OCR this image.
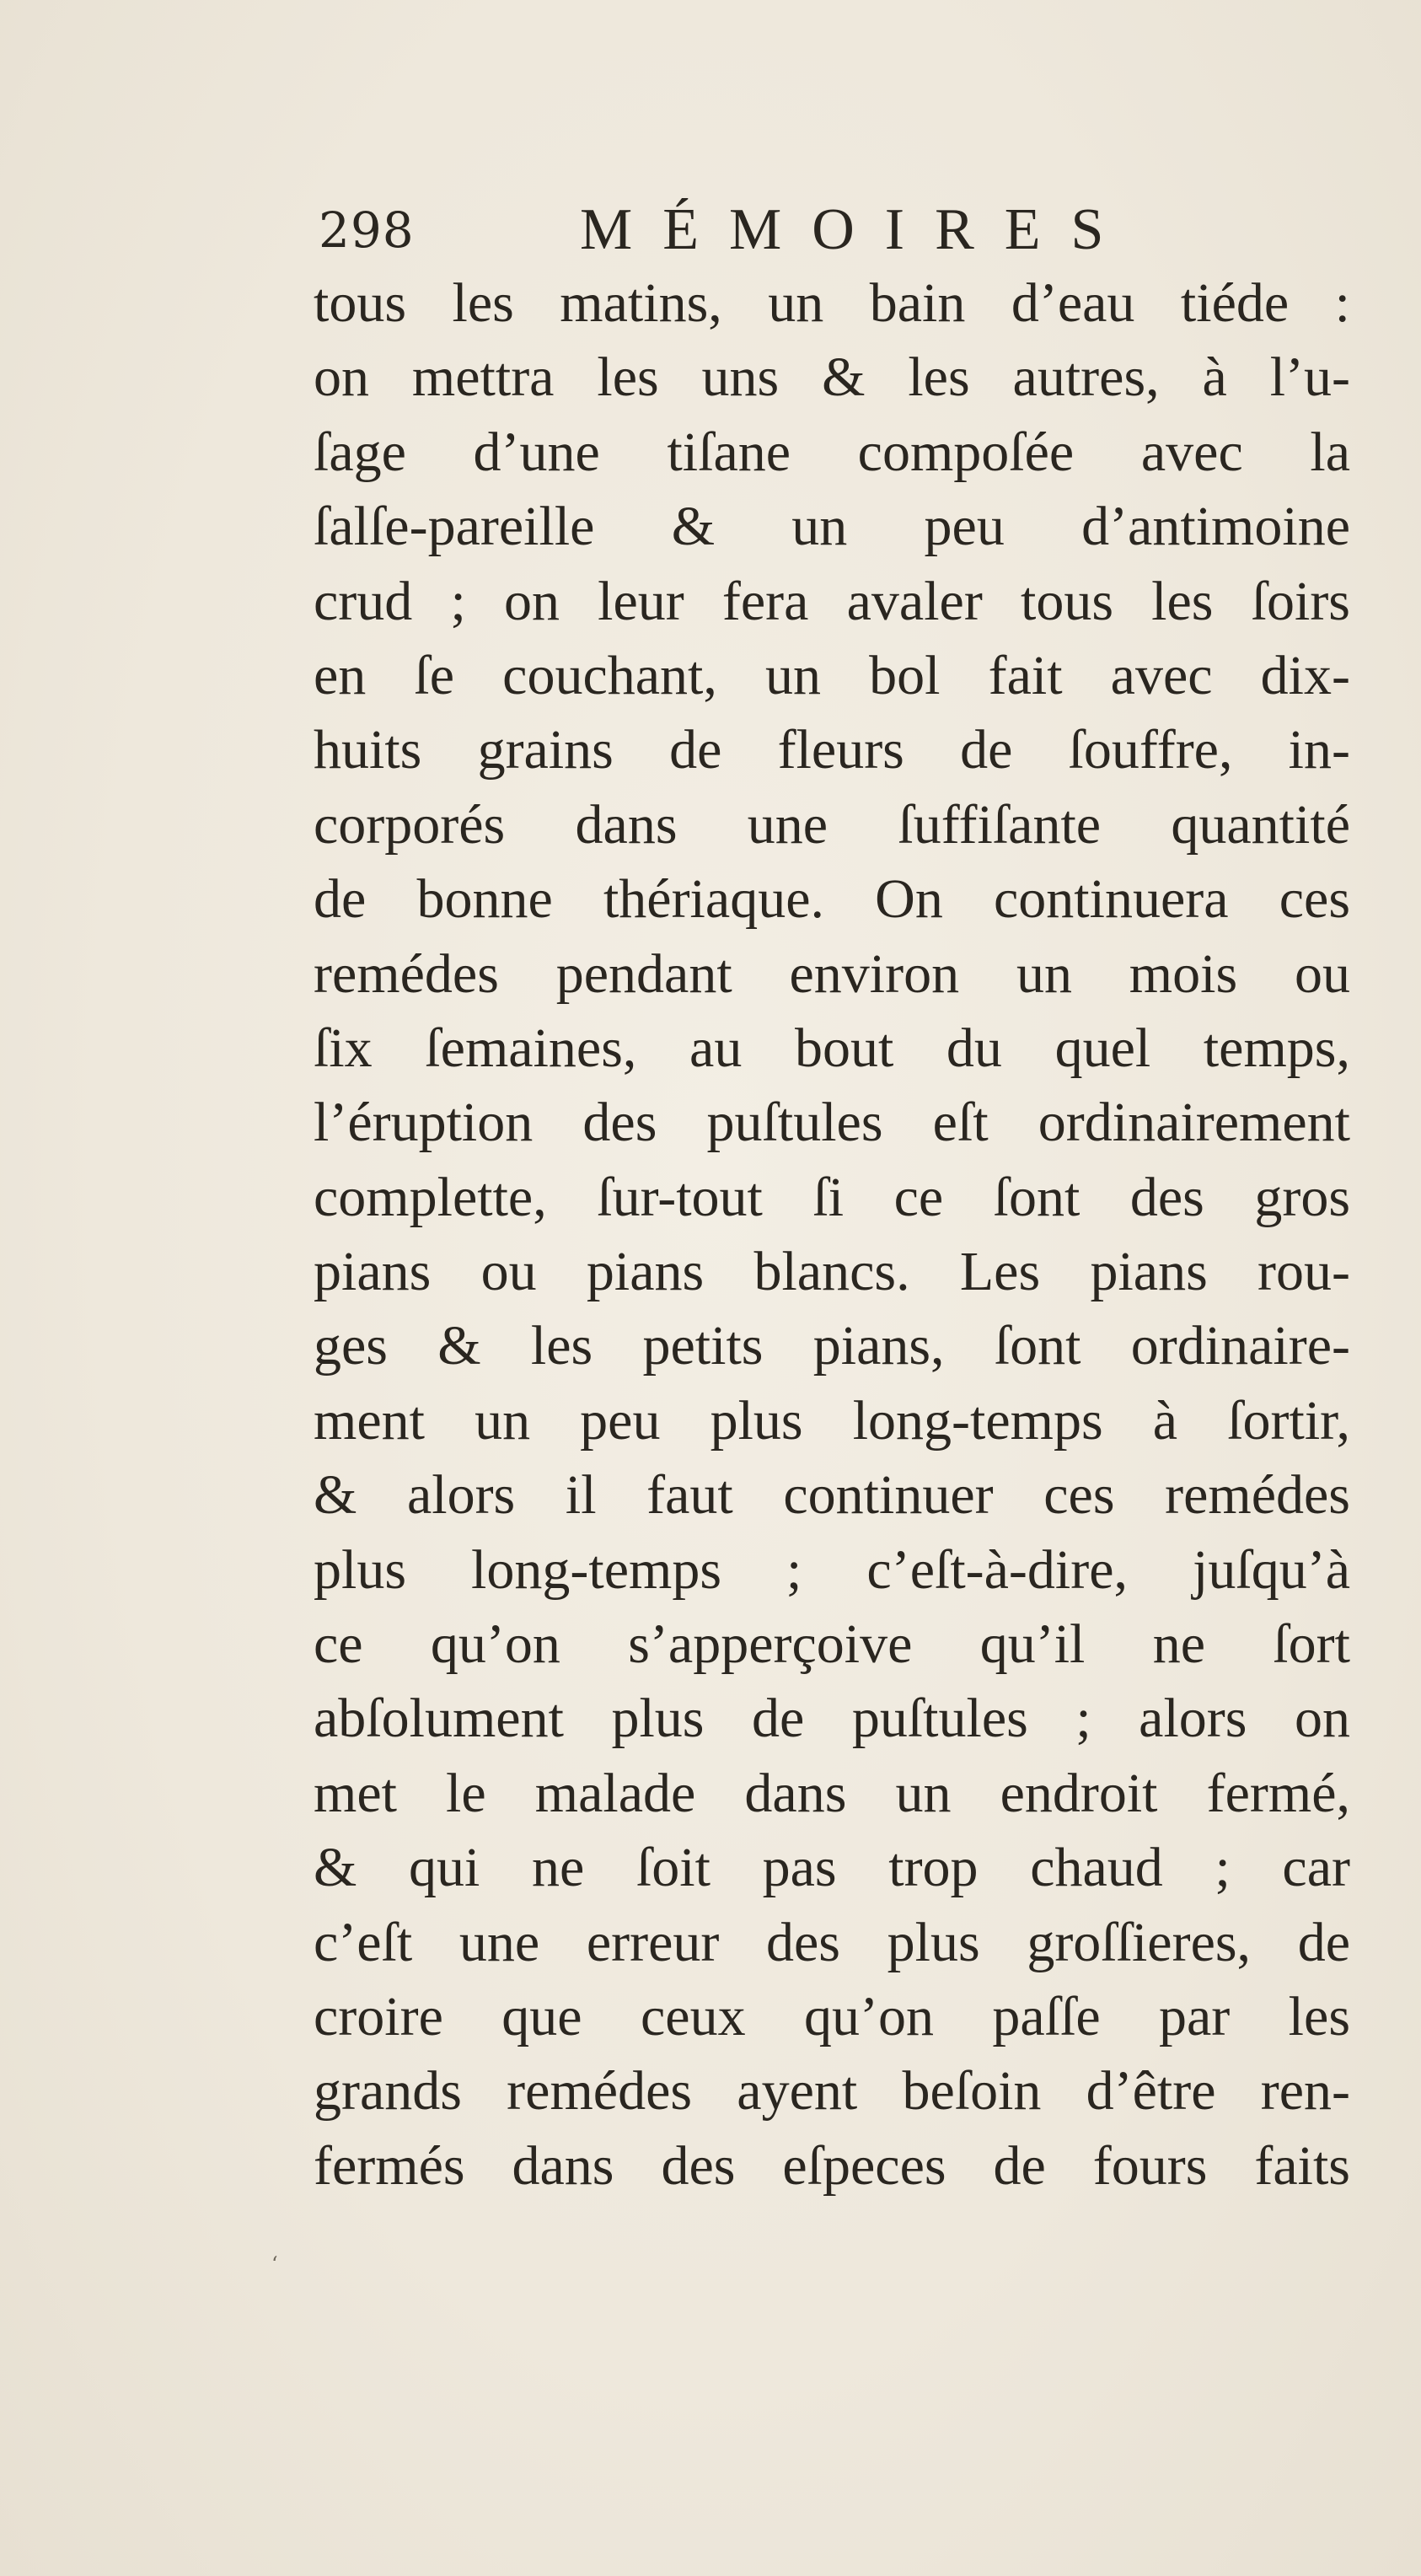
298	MÉMOIRES
tous les matins, un bain d’eau tiéde :
on mettra les uns & les autres, à l’u-
ſage d’une tiſane compoſée avec la
ſalſe-pareille & un peu d’antimoine
crud ; on leur fera avaler tous les ſoirs
en ſe couchant, un bol fait avec dix-
huits grains de fleurs de ſouffre, in-
corporés dans une ſuffiſante quantité
de bonne thériaque. On continuera ces
remédes pendant environ un mois ou
ſix ſemaines, au bout du quel temps,
l’éruption des puſtules eſt ordinairement
complette, ſur-tout ſi ce ſont des gros
pians ou pians blancs. Les pians rou-
ges & les petits pians, ſont ordinaire-
ment un peu plus long-temps à ſortir,
& alors il faut continuer ces remédes
plus long-temps ; c’eſt-à-dire, juſqu’à
ce qu’on s’apperçoive qu’il ne ſort
abſolument plus de puſtules ; alors on
met le malade dans un endroit fermé,
& qui ne ſoit pas trop chaud ; car
c’eſt une erreur des plus groſſieres, de
croire que ceux qu’on paſſe par les
grands remédes ayent beſoin d’être ren-
fermés dans des eſpeces de fours faits
‘
